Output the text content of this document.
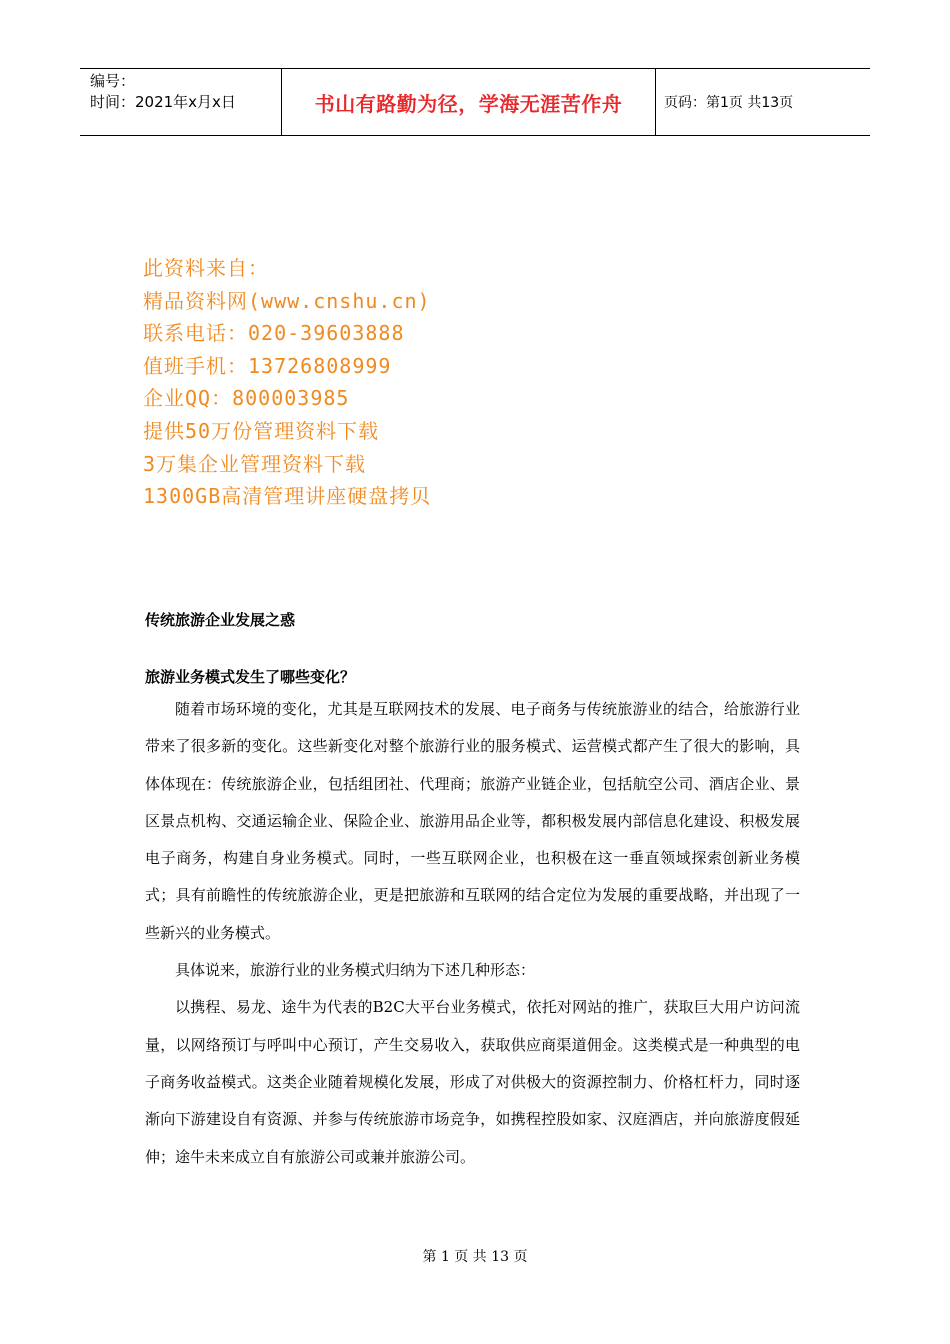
编号：
时间：2021年x月x日	书山有路勤为径，学海无涯苦作舟	页码：第1页 共13页
此资料来自：
精品资料网(www.cnshu.cn)
联系电话：020-39603888
值班手机：13726808999
企业QQ：800003985
提供50万份管理资料下载
3万集企业管理资料下载
1300GB高清管理讲座硬盘拷贝
传统旅游企业发展之惑
旅游业务模式发生了哪些变化？

随着市场环境的变化，尤其是互联网技术的发展、电子商务与传统旅游业的结合，给旅游行业带来了很多新的变化。这些新变化对整个旅游行业的服务模式、运营模式都产生了很大的影响，具体体现在：传统旅游企业，包括组团社、代理商；旅游产业链企业，包括航空公司、酒店企业、景区景点机构、交通运输企业、保险企业、旅游用品企业等，都积极发展内部信息化建设、积极发展电子商务，构建自身业务模式。同时，一些互联网企业，也积极在这一垂直领域探索创新业务模式；具有前瞻性的传统旅游企业，更是把旅游和互联网的结合定位为发展的重要战略，并出现了一些新兴的业务模式。

具体说来，旅游行业的业务模式归纳为下述几种形态：

以携程、易龙、途牛为代表的B2C大平台业务模式，依托对网站的推广，获取巨大用户访问流量，以网络预订与呼叫中心预订，产生交易收入，获取供应商渠道佣金。这类模式是一种典型的电子商务收益模式。这类企业随着规模化发展，形成了对供极大的资源控制力、价格杠杆力，同时逐渐向下游建设自有资源、并参与传统旅游市场竞争，如携程控股如家、汉庭酒店，并向旅游度假延伸；途牛未来成立自有旅游公司或兼并旅游公司。

第 1 页 共 13 页
